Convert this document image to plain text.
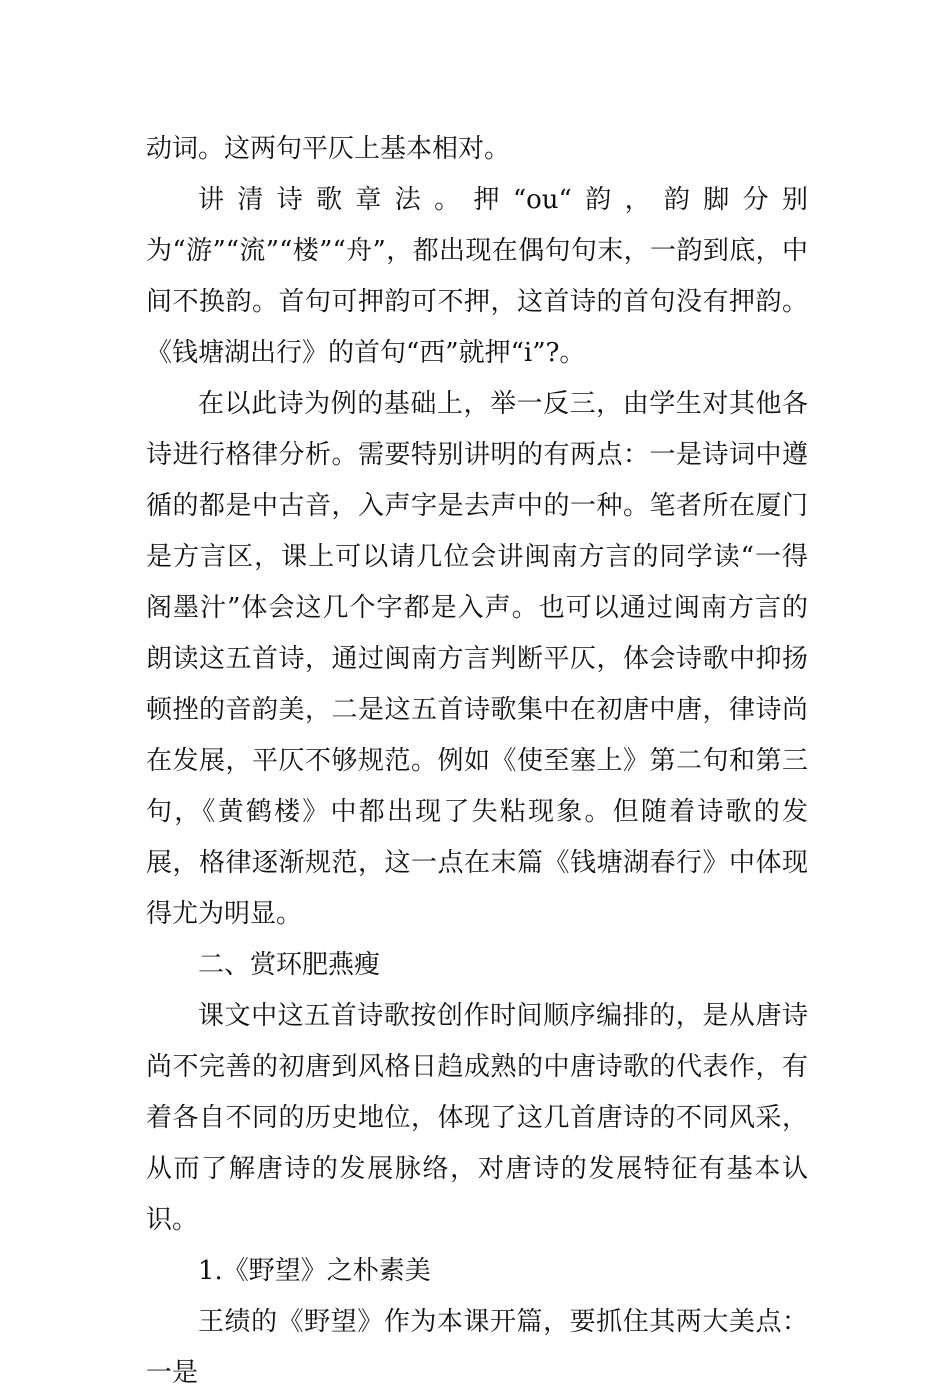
动词。这两句平仄上基本相对。

讲清诗歌章法。押“ou“韵，韵脚分别为“游”“流”“楼”“舟”，都出现在偶句句末，一韵到底，中间不换韵。首句可押韵可不押，这首诗的首句没有押韵。《钱塘湖出行》的首句“西”就押“i”?。

在以此诗为例的基础上，举一反三，由学生对其他各诗进行格律分析。需要特别讲明的有两点：一是诗词中遵循的都是中古音，入声字是去声中的一种。笔者所在厦门是方言区，课上可以请几位会讲闽南方言的同学读“一得阁墨汁”体会这几个字都是入声。也可以通过闽南方言的朗读这五首诗，通过闽南方言判断平仄，体会诗歌中抑扬顿挫的音韵美，二是这五首诗歌集中在初唐中唐，律诗尚在发展，平仄不够规范。例如《使至塞上》第二句和第三句，《黄鹤楼》中都出现了失粘现象。但随着诗歌的发展，格律逐渐规范，这一点在末篇《钱塘湖春行》中体现得尤为明显。

二、赏环肥燕瘦

课文中这五首诗歌按创作时间顺序编排的，是从唐诗尚不完善的初唐到风格日趋成熟的中唐诗歌的代表作，有着各自不同的历史地位，体现了这几首唐诗的不同风采，从而了解唐诗的发展脉络，对唐诗的发展特征有基本认识。

1.《野望》之朴素美

王绩的《野望》作为本课开篇，要抓住其两大美点：一是
